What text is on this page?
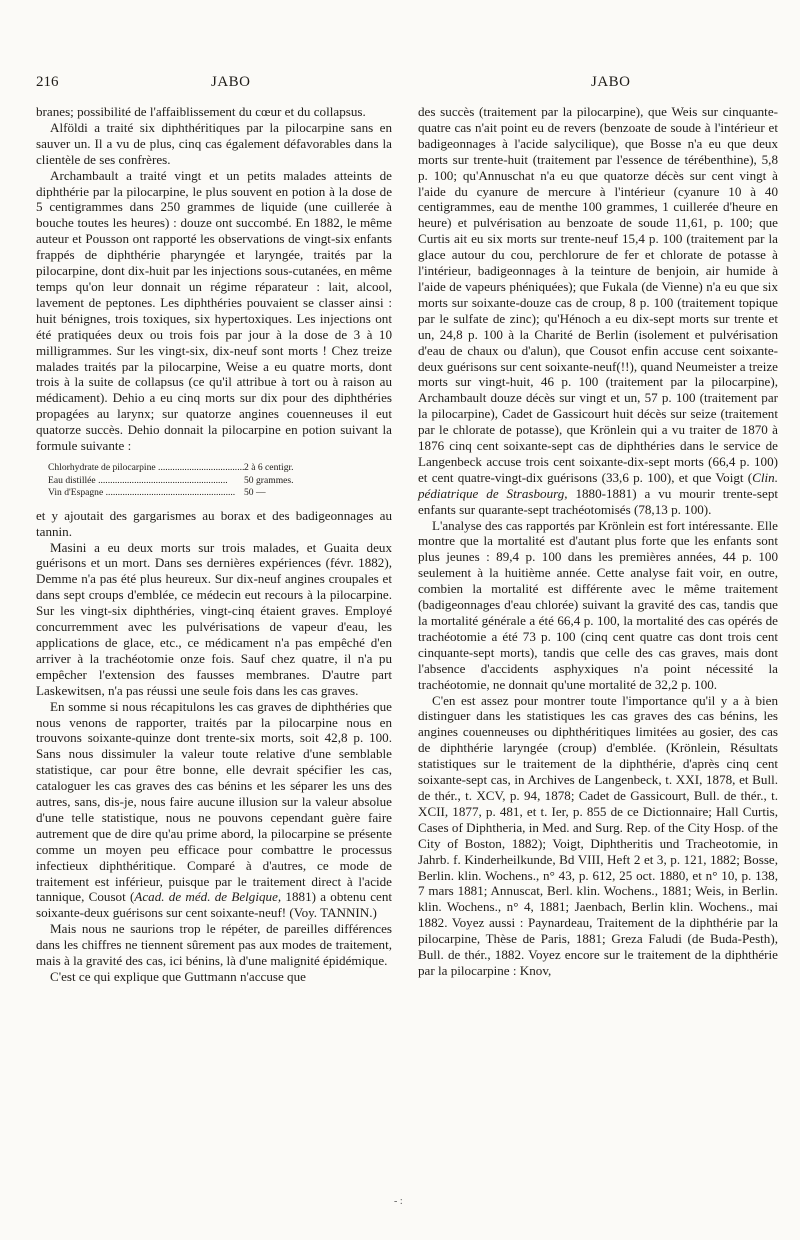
216	JABO	JABO

branes; possibilité de l'affaiblissement du cœur et du collapsus.

Alföldi a traité six diphthéritiques par la pilocarpine sans en sauver un. Il a vu de plus, cinq cas également défavorables dans la clientèle de ses confrères.

Archambault a traité vingt et un petits malades atteints de diphthérie par la pilocarpine, le plus souvent en potion à la dose de 5 centigrammes dans 250 grammes de liquide (une cuillerée à bouche toutes les heures) : douze ont succombé. En 1882, le même auteur et Pousson ont rapporté les observations de vingt-six enfants frappés de diphthérie pharyngée et laryngée, traités par la pilocarpine, dont dix-huit par les injections sous-cutanées, en même temps qu'on leur donnait un régime réparateur : lait, alcool, lavement de peptones. Les diphthéries pouvaient se classer ainsi : huit bénignes, trois toxiques, six hypertoxiques. Les injections ont été pratiquées deux ou trois fois par jour à la dose de 3 à 10 milligrammes. Sur les vingt-six, dix-neuf sont morts ! Chez treize malades traités par la pilocarpine, Weise a eu quatre morts, dont trois à la suite de collapsus (ce qu'il attribue à tort ou à raison au médicament). Dehio a eu cinq morts sur dix pour des diphthéries propagées au larynx; sur quatorze angines couenneuses il eut quatorze succès. Dehio donnait la pilocarpine en potion suivant la formule suivante :

Chlorhydrate de pilocarpine .....	2 à 6 centigr.
Eau distillée .....	50 grammes.
Vin d'Espagne .....	50 —

et y ajoutait des gargarismes au borax et des badigeonnages au tannin.

Masini a eu deux morts sur trois malades, et Guaita deux guérisons et un mort. Dans ses dernières expériences (févr. 1882), Demme n'a pas été plus heureux. Sur dix-neuf angines croupales et dans sept croups d'emblée, ce médecin eut recours à la pilocarpine. Sur les vingt-six diphthéries, vingt-cinq étaient graves. Employé concurremment avec les pulvérisations de vapeur d'eau, les applications de glace, etc., ce médicament n'a pas empêché d'en arriver à la trachéotomie onze fois. Sauf chez quatre, il n'a pu empêcher l'extension des fausses membranes. D'autre part Laskewitsen, n'a pas réussi une seule fois dans les cas graves.

En somme si nous récapitulons les cas graves de diphthéries que nous venons de rapporter, traités par la pilocarpine nous en trouvons soixante-quinze dont trente-six morts, soit 42,8 p. 100. Sans nous dissimuler la valeur toute relative d'une semblable statistique, car pour être bonne, elle devrait spécifier les cas, cataloguer les cas graves des cas bénins et les séparer les uns des autres, sans, dis-je, nous faire aucune illusion sur la valeur absolue d'une telle statistique, nous ne pouvons cependant guère faire autrement que de dire qu'au prime abord, la pilocarpine se présente comme un moyen peu efficace pour combattre le processus infectieux diphthéritique. Comparé à d'autres, ce mode de traitement est inférieur, puisque par le traitement direct à l'acide tannique, Cousot (Acad. de méd. de Belgique, 1881) a obtenu cent soixante-deux guérisons sur cent soixante-neuf! (Voy. TANNIN.)

Mais nous ne saurions trop le répéter, de pareilles différences dans les chiffres ne tiennent sûrement pas aux modes de traitement, mais à la gravité des cas, ici bénins, là d'une malignité épidémique.

C'est ce qui explique que Guttmann n'accuse que

des succès (traitement par la pilocarpine), que Weis sur cinquante-quatre cas n'ait point eu de revers (benzoate de soude à l'intérieur et badigeonnages à l'acide salycilique), que Bosse n'a eu que deux morts sur trente-huit (traitement par l'essence de térébenthine), 5,8 p. 100; qu'Annuschat n'a eu que quatorze décès sur cent vingt à l'aide du cyanure de mercure à l'intérieur (cyanure 10 à 40 centigrammes, eau de menthe 100 grammes, 1 cuillerée d'heure en heure) et pulvérisation au benzoate de soude 11,61, p. 100; que Curtis ait eu six morts sur trente-neuf 15,4 p. 100 (traitement par la glace autour du cou, perchlorure de fer et chlorate de potasse à l'intérieur, badigeonnages à la teinture de benjoin, air humide à l'aide de vapeurs phéniquées); que Fukala (de Vienne) n'a eu que six morts sur soixante-douze cas de croup, 8 p. 100 (traitement topique par le sulfate de zinc); qu'Hénoch a eu dix-sept morts sur trente et un, 24,8 p. 100 à la Charité de Berlin (isolement et pulvérisation d'eau de chaux ou d'alun), que Cousot enfin accuse cent soixante-deux guérisons sur cent soixante-neuf(!!), quand Neumeister a treize morts sur vingt-huit, 46 p. 100 (traitement par la pilocarpine), Archambault douze décès sur vingt et un, 57 p. 100 (traitement par la pilocarpine), Cadet de Gassicourt huit décès sur seize (traitement par le chlorate de potasse), que Krönlein qui a vu traiter de 1870 à 1876 cinq cent soixante-sept cas de diphthéries dans le service de Langenbeck accuse trois cent soixante-dix-sept morts (66,4 p. 100) et cent quatre-vingt-dix guérisons (33,6 p. 100), et que Voigt (Clin. pédiatrique de Strasbourg, 1880-1881) a vu mourir trente-sept enfants sur quarante-sept trachéotomisés (78,13 p. 100).

L'analyse des cas rapportés par Krönlein est fort intéressante. Elle montre que la mortalité est d'autant plus forte que les enfants sont plus jeunes : 89,4 p. 100 dans les premières années, 44 p. 100 seulement à la huitième année. Cette analyse fait voir, en outre, combien la mortalité est différente avec le même traitement (badigeonnages d'eau chlorée) suivant la gravité des cas, tandis que la mortalité générale a été 66,4 p. 100, la mortalité des cas opérés de trachéotomie a été 73 p. 100 (cinq cent quatre cas dont trois cent cinquante-sept morts), tandis que celle des cas graves, mais dont l'absence d'accidents asphyxiques n'a point nécessité la trachéotomie, ne donnait qu'une mortalité de 32,2 p. 100.

C'en est assez pour montrer toute l'importance qu'il y a à bien distinguer dans les statistiques les cas graves des cas bénins, les angines couenneuses ou diphthéritiques limitées au gosier, des cas de diphthérie laryngée (croup) d'emblée. (Krönlein, Résultats statistiques sur le traitement de la diphthérie, d'après cinq cent soixante-sept cas, in Archives de Langenbeck, t. XXI, 1878, et Bull. de thér., t. XCV, p. 94, 1878; Cadet de Gassicourt, Bull. de thér., t. XCII, 1877, p. 481, et t. Ier, p. 855 de ce Dictionnaire; Hall Curtis, Cases of Diphtheria, in Med. and Surg. Rep. of the City Hosp. of the City of Boston, 1882); Voigt, Diphtheritis und Tracheotomie, in Jahrb. f. Kinderheilkunde, Bd VIII, Heft 2 et 3, p. 121, 1882; Bosse, Berlin. klin. Wochens., n° 43, p. 612, 25 oct. 1880, et n° 10, p. 138, 7 mars 1881; Annuscat, Berl. klin. Wochens., 1881; Weis, in Berlin. klin. Wochens., n° 4, 1881; Jaenbach, Berlin klin. Wochens., mai 1882. Voyez aussi : Paynardeau, Traitement de la diphthérie par la pilocarpine, Thèse de Paris, 1881; Greza Faludi (de Buda-Pesth), Bull. de thér., 1882. Voyez encore sur le traitement de la diphthérie par la pilocarpine : Knov,

- :
